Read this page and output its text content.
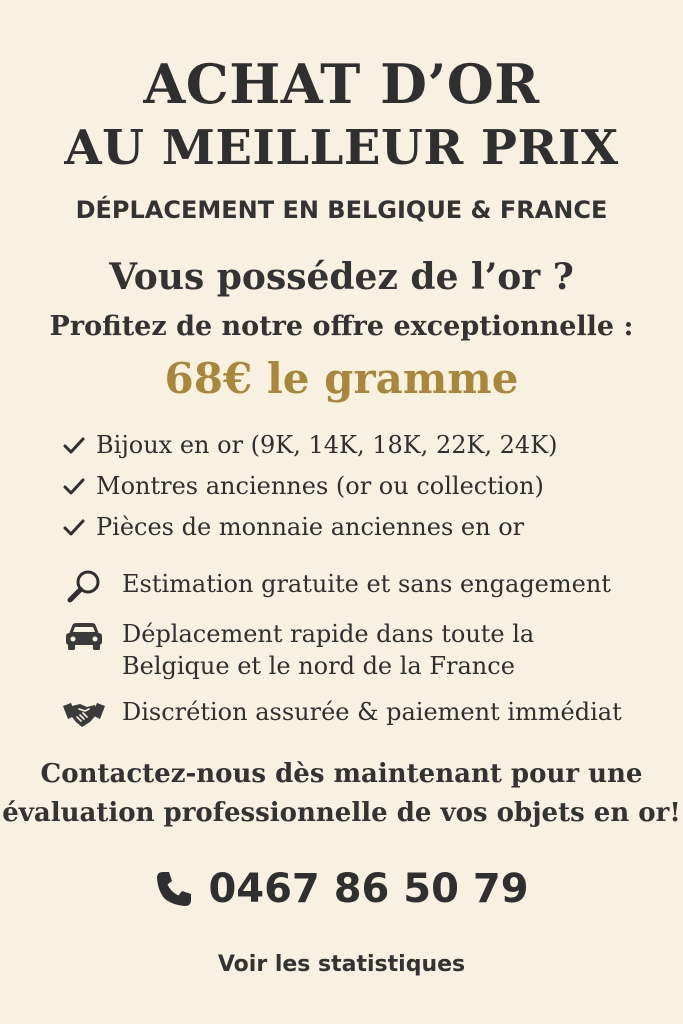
ACHAT D’OR
AU MEILLEUR PRIX
DÉPLACEMENT EN BELGIQUE & FRANCE
Vous possédez de l’or ?
Profitez de notre offre exceptionnelle :
68€ le gramme
Bijoux en or (9K, 14K, 18K, 22K, 24K)
Montres anciennes (or ou collection)
Pièces de monnaie anciennes en or
Estimation gratuite et sans engagement
Déplacement rapide dans toute la
Belgique et le nord de la France
Discrétion assurée & paiement immédiat
Contactez-nous dès maintenant pour une
évaluation professionnelle de vos objets en or!
0467 86 50 79
Voir les statistiques
